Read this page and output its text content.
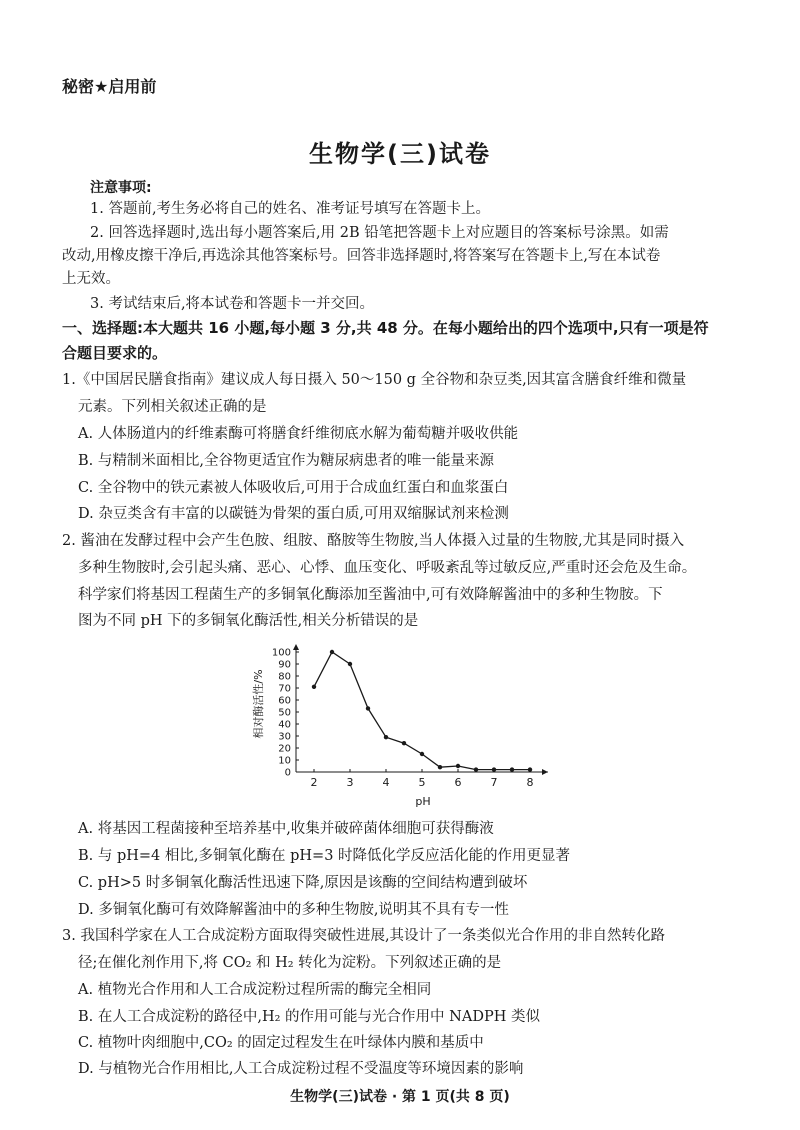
秘密★启用前
生物学(三)试卷
注意事项:
1. 答题前,考生务必将自己的姓名、准考证号填写在答题卡上。
2. 回答选择题时,选出每小题答案后,用 2B 铅笔把答题卡上对应题目的答案标号涂黑。如需
改动,用橡皮擦干净后,再选涂其他答案标号。回答非选择题时,将答案写在答题卡上,写在本试卷
上无效。
3. 考试结束后,将本试卷和答题卡一并交回。
一、选择题:本大题共 16 小题,每小题 3 分,共 48 分。在每小题给出的四个选项中,只有一项是符
合题目要求的。
1.《中国居民膳食指南》建议成人每日摄入 50～150 g 全谷物和杂豆类,因其富含膳食纤维和微量
元素。下列相关叙述正确的是
A. 人体肠道内的纤维素酶可将膳食纤维彻底水解为葡萄糖并吸收供能
B. 与精制米面相比,全谷物更适宜作为糖尿病患者的唯一能量来源
C. 全谷物中的铁元素被人体吸收后,可用于合成血红蛋白和血浆蛋白
D. 杂豆类含有丰富的以碳链为骨架的蛋白质,可用双缩脲试剂来检测
2. 酱油在发酵过程中会产生色胺、组胺、酪胺等生物胺,当人体摄入过量的生物胺,尤其是同时摄入
多种生物胺时,会引起头痛、恶心、心悸、血压变化、呼吸紊乱等过敏反应,严重时还会危及生命。
科学家们将基因工程菌生产的多铜氧化酶添加至酱油中,可有效降解酱油中的多种生物胺。下
图为不同 pH 下的多铜氧化酶活性,相关分析错误的是
相对酶活性/%
pH
0
10
20
30
40
50
60
70
80
90
100
2	3	4	5	6	7	8
A. 将基因工程菌接种至培养基中,收集并破碎菌体细胞可获得酶液
B. 与 pH=4 相比,多铜氧化酶在 pH=3 时降低化学反应活化能的作用更显著
C. pH>5 时多铜氧化酶活性迅速下降,原因是该酶的空间结构遭到破坏
D. 多铜氧化酶可有效降解酱油中的多种生物胺,说明其不具有专一性
3. 我国科学家在人工合成淀粉方面取得突破性进展,其设计了一条类似光合作用的非自然转化路
径;在催化剂作用下,将 CO₂ 和 H₂ 转化为淀粉。下列叙述正确的是
A. 植物光合作用和人工合成淀粉过程所需的酶完全相同
B. 在人工合成淀粉的路径中,H₂ 的作用可能与光合作用中 NADPH 类似
C. 植物叶肉细胞中,CO₂ 的固定过程发生在叶绿体内膜和基质中
D. 与植物光合作用相比,人工合成淀粉过程不受温度等环境因素的影响
生物学(三)试卷 · 第 1 页(共 8 页)
